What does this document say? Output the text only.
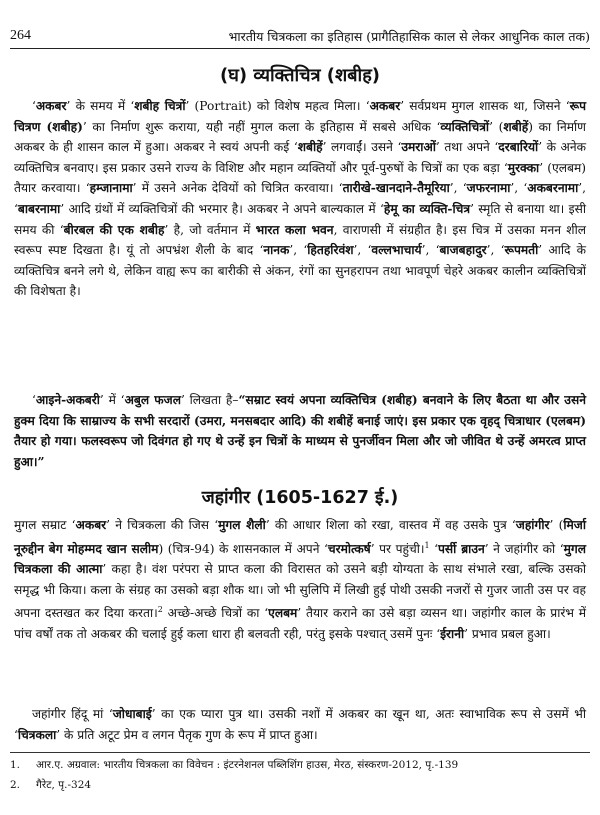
264	भारतीय चित्रकला का इतिहास (प्रागैतिहासिक काल से लेकर आधुनिक काल तक)
(घ) व्यक्तिचित्र (शबीह)

‘अकबर’ के समय में ‘शबीह चित्रों’ (Portrait) को विशेष महत्व मिला। ‘अकबर’ सर्वप्रथम मुगल शासक था, जिसने ‘रूप चित्रण (शबीह)’ का निर्माण शुरू कराया, यही नहीं मुगल कला के इतिहास में सबसे अधिक ‘व्यक्तिचित्रों’ (शबीहें) का निर्माण अकबर के ही शासन काल में हुआ। अकबर ने स्वयं अपनी कई ‘शबीहें’ लगवाईं। उसने ‘उमराओं’ तथा अपने ‘दरबारियों’ के अनेक व्यक्तिचित्र बनवाए। इस प्रकार उसने राज्य के विशिष्ट और महान व्यक्तियों और पूर्व-पुरुषों के चित्रों का एक बड़ा ‘मुरक्का’ (एलबम) तैयार करवाया। ‘हम्जानामा’ में उसने अनेक देवियों को चित्रित करवाया। ‘तारीखे-खानदाने-तैमूरिया’, ‘जफरनामा’, ‘अकबरनामा’, ‘बाबरनामा’ आदि ग्रंथों में व्यक्तिचित्रों की भरमार है। अकबर ने अपने बाल्यकाल में ‘हेमू का व्यक्ति-चित्र’ स्मृति से बनाया था। इसी समय की ‘बीरबल की एक शबीह’ है, जो वर्तमान में भारत कला भवन, वाराणसी में संग्रहीत है। इस चित्र में उसका मनन शील स्वरूप स्पष्ट दिखता है। यूं तो अपभ्रंश शैली के बाद ‘नानक’, ‘हितहरिवंश’, ‘वल्लभाचार्य’, ‘बाजबहादुर’, ‘रूपमती’ आदि के व्यक्तिचित्र बनने लगे थे, लेकिन वाह्य रूप का बारीकी से अंकन, रंगों का सुनहरापन तथा भावपूर्ण चेहरे अकबर कालीन व्यक्तिचित्रों की विशेषता है।

‘आइने-अकबरी’ में ‘अबुल फजल’ लिखता है–“सम्राट स्वयं अपना व्यक्तिचित्र (शबीह) बनवाने के लिए बैठता था और उसने हुक्म दिया कि साम्राज्य के सभी सरदारों (उमरा, मनसबदार आदि) की शबीहें बनाई जाएं। इस प्रकार एक वृहद् चित्राधार (एलबम) तैयार हो गया। फलस्वरूप जो दिवंगत हो गए थे उन्हें इन चित्रों के माध्यम से पुनर्जीवन मिला और जो जीवित थे उन्हें अमरत्व प्राप्त हुआ।”

जहांगीर (1605-1627 ई.)

मुगल सम्राट ‘अकबर’ ने चित्रकला की जिस ‘मुगल शैली’ की आधार शिला को रखा, वास्तव में वह उसके पुत्र ‘जहांगीर’ (मिर्जा नूरुद्दीन बेग मोहम्मद खान सलीम) (चित्र-94) के शासनकाल में अपने ‘चरमोत्कर्ष’ पर पहुंची।$^1$ ‘पर्सी ब्राउन’ ने जहांगीर को ‘मुगल चित्रकला की आत्मा’ कहा है। वंश परंपरा से प्राप्त कला की विरासत को उसने बड़ी योग्यता के साथ संभाले रखा, बल्कि उसको समृद्ध भी किया। कला के संग्रह का उसको बड़ा शौक था। जो भी सुलिपि में लिखी हुई पोथी उसकी नजरों से गुजर जाती उस पर वह अपना दस्तखत कर दिया करता।$^2$ अच्छे-अच्छे चित्रों का ‘एलबम’ तैयार कराने का उसे बड़ा व्यसन था। जहांगीर काल के प्रारंभ में पांच वर्षों तक तो अकबर की चलाई हुई कला धारा ही बलवती रही, परंतु इसके पश्चात् उसमें पुनः ‘ईरानी’ प्रभाव प्रबल हुआ।

जहांगीर हिंदू मां ‘जोधाबाई’ का एक प्यारा पुत्र था। उसकी नशों में अकबर का खून था, अतः स्वाभाविक रूप से उसमें भी ‘चित्रकला’ के प्रति अटूट प्रेम व लगन पैतृक गुण के रूप में प्राप्त हुआ।

1. आर.ए. अग्रवाल: भारतीय चित्रकला का विवेचन : इंटरनेशनल पब्लिशिंग हाउस, मेरठ, संस्करण-2012, पृ.-139
2. गैरेट, पृ.-324
